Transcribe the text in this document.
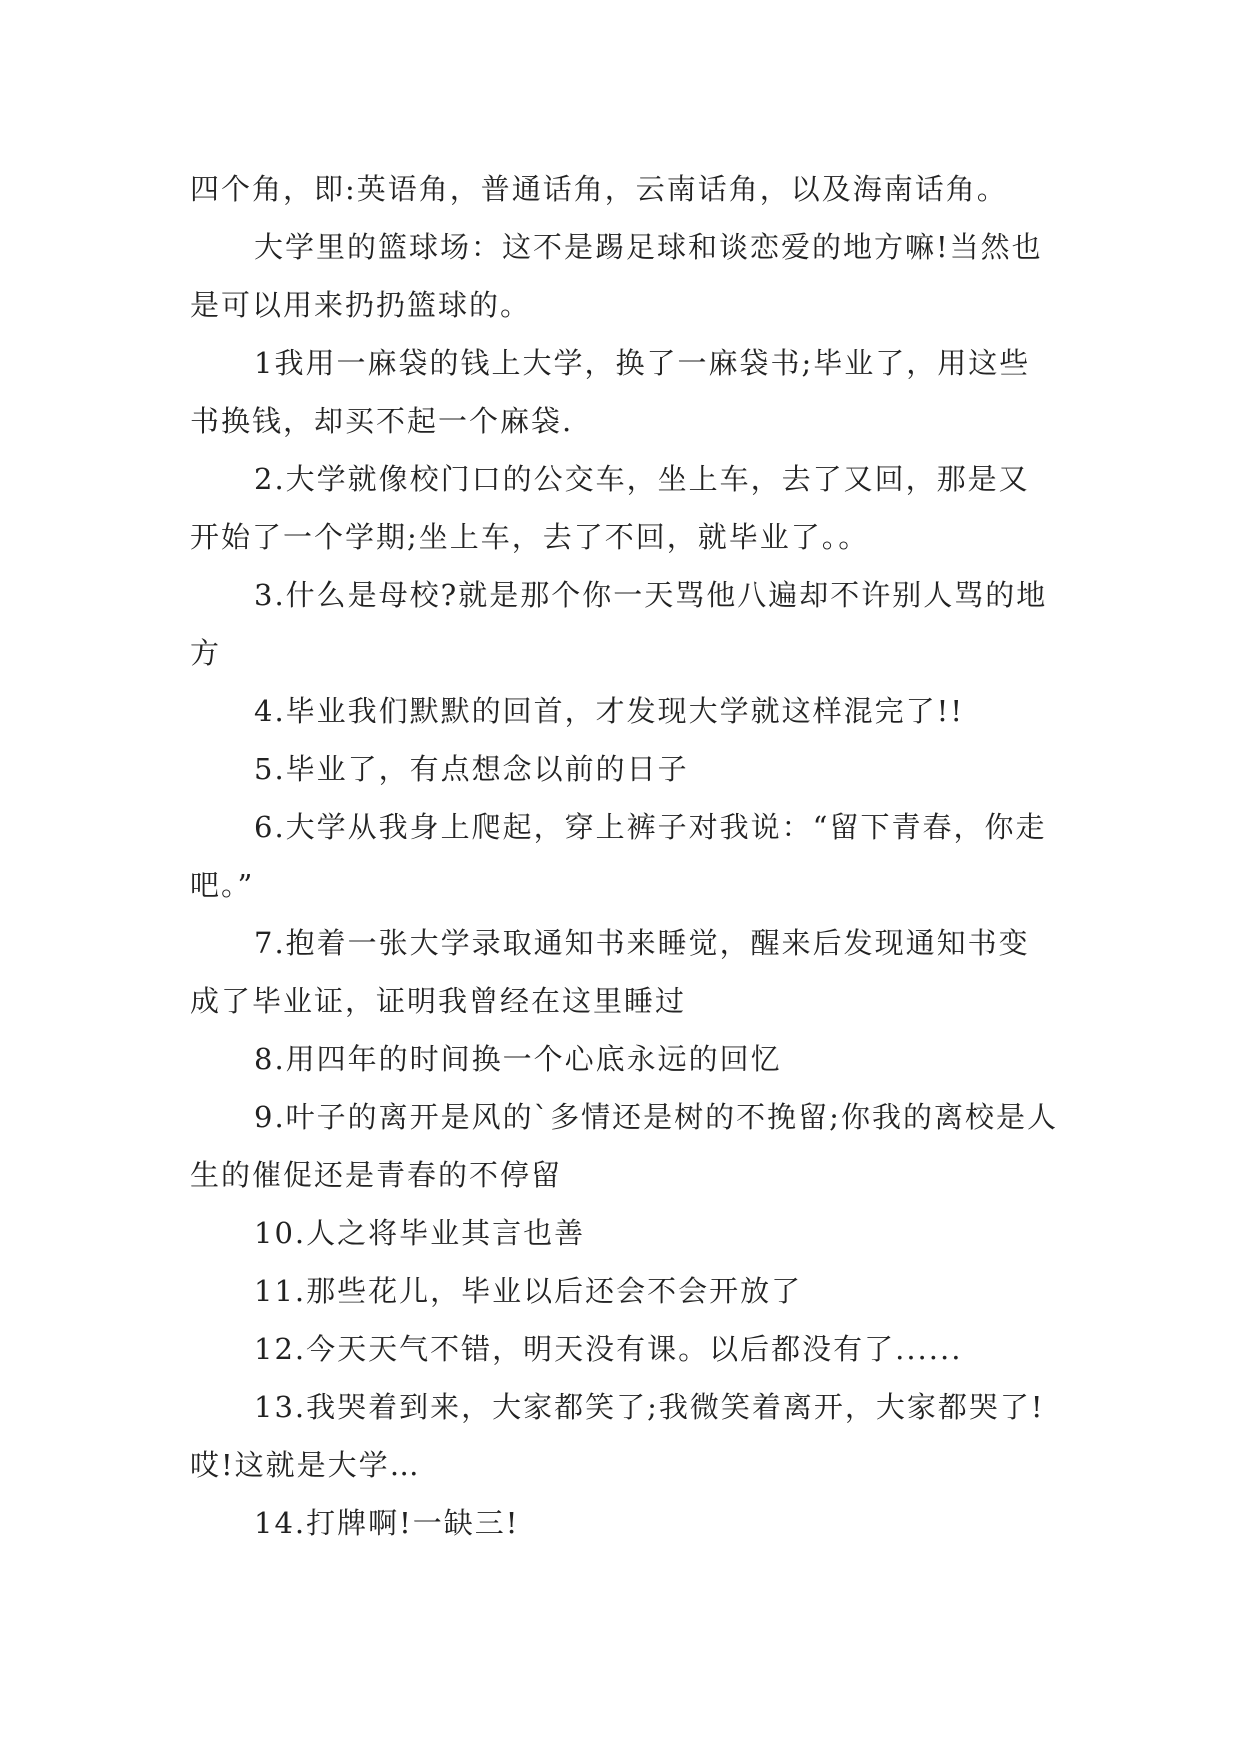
四个角，即:英语角，普通话角，云南话角，以及海南话角。

大学里的篮球场：这不是踢足球和谈恋爱的地方嘛!当然也是可以用来扔扔篮球的。

1我用一麻袋的钱上大学，换了一麻袋书;毕业了，用这些书换钱，却买不起一个麻袋.

2.大学就像校门口的公交车，坐上车，去了又回，那是又开始了一个学期;坐上车，去了不回，就毕业了。。

3.什么是母校?就是那个你一天骂他八遍却不许别人骂的地方

4.毕业我们默默的回首，才发现大学就这样混完了!!

5.毕业了，有点想念以前的日子

6.大学从我身上爬起，穿上裤子对我说：“留下青春，你走吧。”

7.抱着一张大学录取通知书来睡觉，醒来后发现通知书变成了毕业证，证明我曾经在这里睡过

8.用四年的时间换一个心底永远的回忆

9.叶子的离开是风的`多情还是树的不挽留;你我的离校是人生的催促还是青春的不停留

10.人之将毕业其言也善

11.那些花儿，毕业以后还会不会开放了

12.今天天气不错，明天没有课。以后都没有了......

13.我哭着到来，大家都笑了;我微笑着离开，大家都哭了!哎!这就是大学…

14.打牌啊!一缺三!
